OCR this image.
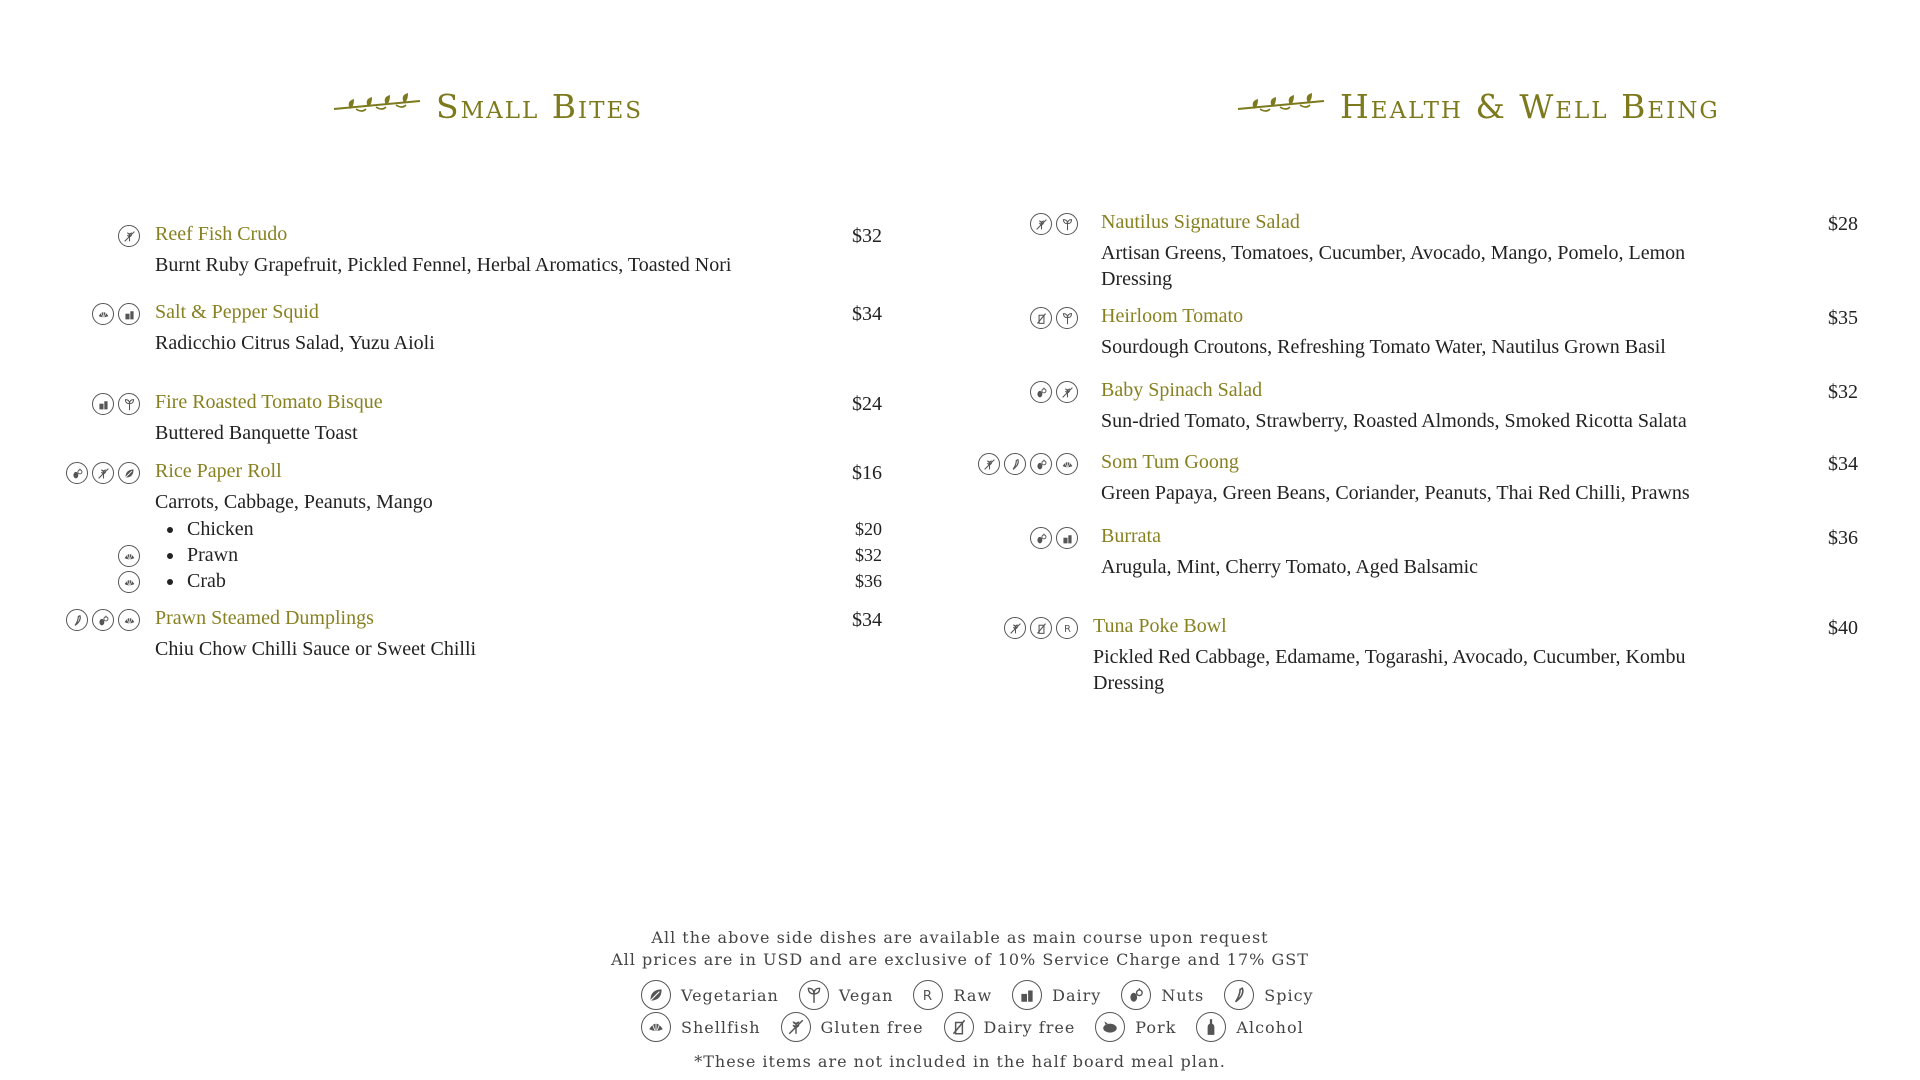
Small Bites	Health & Well Being
Reef Fish Crudo
Burnt Ruby Grapefruit, Pickled Fennel, Herbal Aromatics, Toasted Nori
$32
Salt & Pepper Squid
Radicchio Citrus Salad, Yuzu Aioli
$34
Fire Roasted Tomato Bisque
Buttered Banquette Toast
$24
Rice Paper Roll
Carrots, Cabbage, Peanuts, Mango
$16
Chicken	$20
Prawn	$32
Crab	$36
Prawn Steamed Dumplings
Chiu Chow Chilli Sauce or Sweet Chilli
$34
Nautilus Signature Salad
Artisan Greens, Tomatoes, Cucumber, Avocado, Mango, Pomelo, Lemon Dressing
$28
Heirloom Tomato
Sourdough Croutons, Refreshing Tomato Water, Nautilus Grown Basil
$35
Baby Spinach Salad
Sun-dried Tomato, Strawberry, Roasted Almonds, Smoked Ricotta Salata
$32
Som Tum Goong
Green Papaya, Green Beans, Coriander, Peanuts, Thai Red Chilli, Prawns
$34
Burrata
Arugula, Mint, Cherry Tomato, Aged Balsamic
$36
Tuna Poke Bowl
Pickled Red Cabbage, Edamame, Togarashi, Avocado, Cucumber, Kombu Dressing
$40
R
All the above side dishes are available as main course upon request
All prices are in USD and are exclusive of 10% Service Charge and 17% GST
Vegetarian	Vegan R Raw	Dairy	Nuts	Spicy
Shellfish	Gluten free	Dairy free	Pork	Alcohol
*These items are not included in the half board meal plan.
